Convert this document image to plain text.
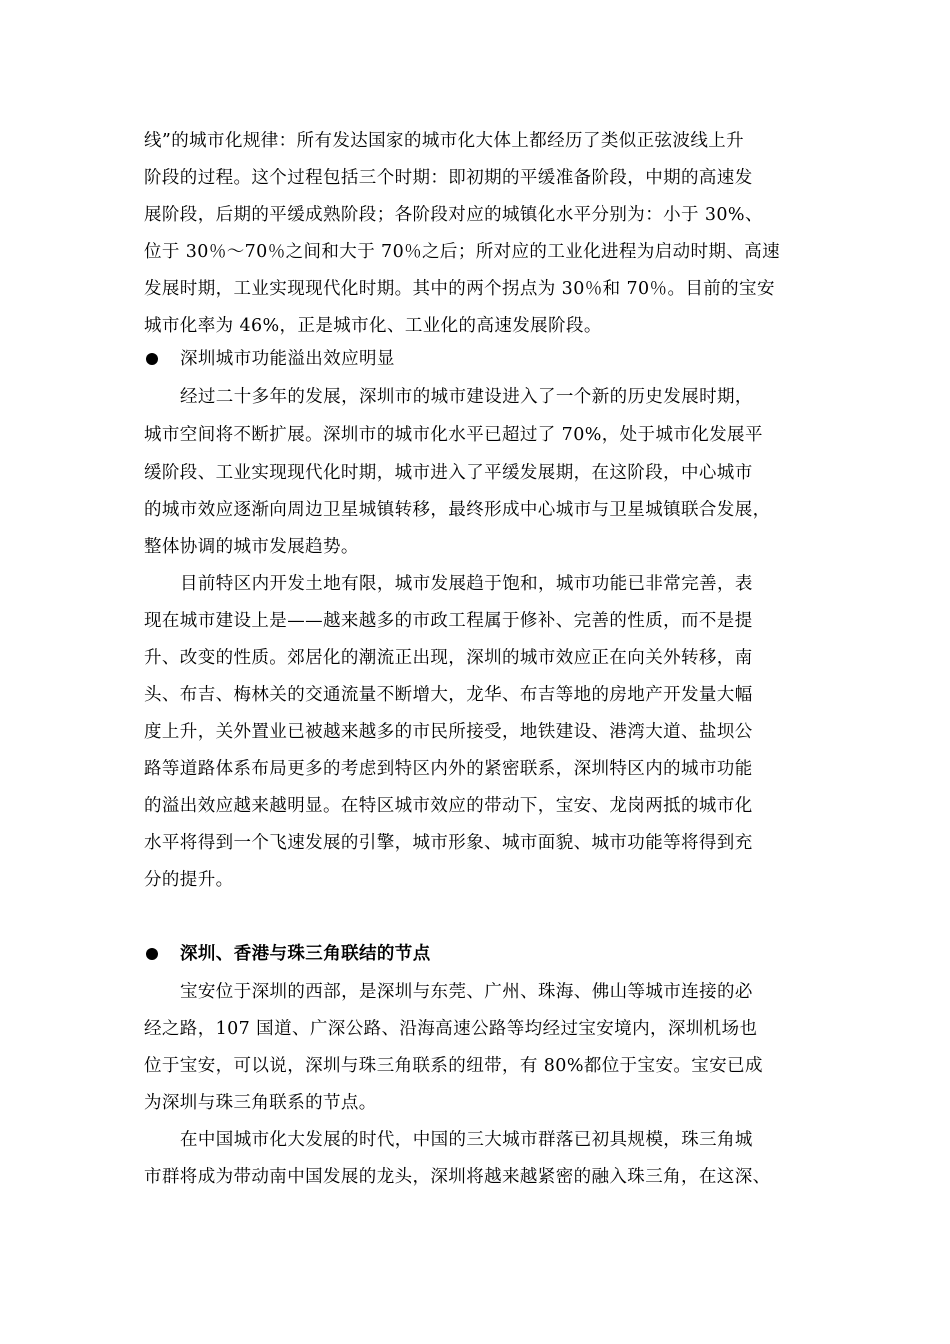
线”的城市化规律：所有发达国家的城市化大体上都经历了类似正弦波线上升
阶段的过程。这个过程包括三个时期：即初期的平缓准备阶段，中期的高速发
展阶段，后期的平缓成熟阶段；各阶段对应的城镇化水平分别为：小于 30%、
位于 30％～70％之间和大于 70％之后；所对应的工业化进程为启动时期、高速
发展时期，工业实现现代化时期。其中的两个拐点为 30％和 70％。目前的宝安
城市化率为 46%，正是城市化、工业化的高速发展阶段。
深圳城市功能溢出效应明显
经过二十多年的发展，深圳市的城市建设进入了一个新的历史发展时期，
城市空间将不断扩展。深圳市的城市化水平已超过了 70%，处于城市化发展平
缓阶段、工业实现现代化时期，城市进入了平缓发展期，在这阶段，中心城市
的城市效应逐渐向周边卫星城镇转移，最终形成中心城市与卫星城镇联合发展，
整体协调的城市发展趋势。
目前特区内开发土地有限，城市发展趋于饱和，城市功能已非常完善，表
现在城市建设上是——越来越多的市政工程属于修补、完善的性质，而不是提
升、改变的性质。郊居化的潮流正出现，深圳的城市效应正在向关外转移，南
头、布吉、梅林关的交通流量不断增大，龙华、布吉等地的房地产开发量大幅
度上升，关外置业已被越来越多的市民所接受，地铁建设、港湾大道、盐坝公
路等道路体系布局更多的考虑到特区内外的紧密联系，深圳特区内的城市功能
的溢出效应越来越明显。在特区城市效应的带动下，宝安、龙岗两抵的城市化
水平将得到一个飞速发展的引擎，城市形象、城市面貌、城市功能等将得到充
分的提升。
深圳、香港与珠三角联结的节点
宝安位于深圳的西部，是深圳与东莞、广州、珠海、佛山等城市连接的必
经之路，107 国道、广深公路、沿海高速公路等均经过宝安境内，深圳机场也
位于宝安，可以说，深圳与珠三角联系的纽带，有 80%都位于宝安。宝安已成
为深圳与珠三角联系的节点。
在中国城市化大发展的时代，中国的三大城市群落已初具规模，珠三角城
市群将成为带动南中国发展的龙头，深圳将越来越紧密的融入珠三角，在这深、
